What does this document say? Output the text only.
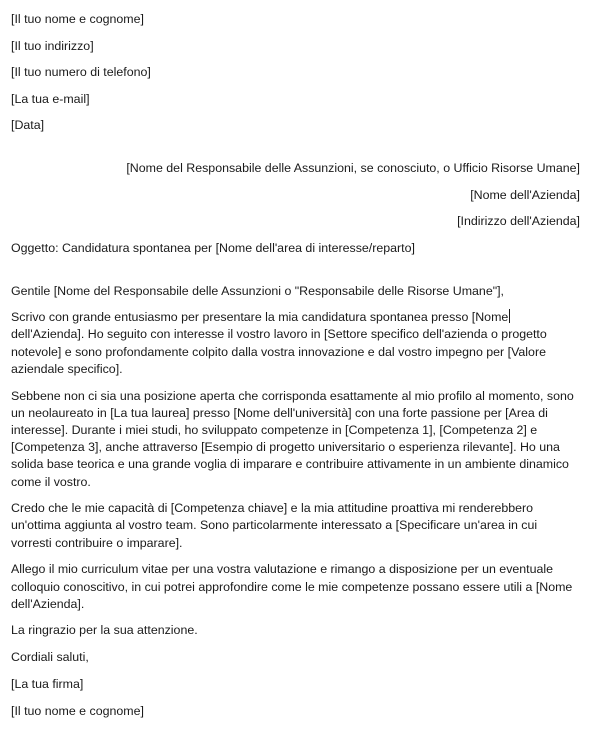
[Il tuo nome e cognome]

[Il tuo indirizzo]

[Il tuo numero di telefono]

[La tua e-mail]

[Data]

[Nome del Responsabile delle Assunzioni, se conosciuto, o Ufficio Risorse Umane]

[Nome dell'Azienda]

[Indirizzo dell'Azienda]

Oggetto: Candidatura spontanea per [Nome dell'area di interesse/reparto]

Gentile [Nome del Responsabile delle Assunzioni o "Responsabile delle Risorse Umane"],

Scrivo con grande entusiasmo per presentare la mia candidatura spontanea presso [Nome dell'Azienda]. Ho seguito con interesse il vostro lavoro in [Settore specifico dell'azienda o progetto notevole] e sono profondamente colpito dalla vostra innovazione e dal vostro impegno per [Valore aziendale specifico].

Sebbene non ci sia una posizione aperta che corrisponda esattamente al mio profilo al momento, sono un neolaureato in [La tua laurea] presso [Nome dell'università] con una forte passione per [Area di interesse]. Durante i miei studi, ho sviluppato competenze in [Competenza 1], [Competenza 2] e [Competenza 3], anche attraverso [Esempio di progetto universitario o esperienza rilevante]. Ho una solida base teorica e una grande voglia di imparare e contribuire attivamente in un ambiente dinamico come il vostro.

Credo che le mie capacità di [Competenza chiave] e la mia attitudine proattiva mi renderebbero un'ottima aggiunta al vostro team. Sono particolarmente interessato a [Specificare un'area in cui vorresti contribuire o imparare].

Allego il mio curriculum vitae per una vostra valutazione e rimango a disposizione per un eventuale colloquio conoscitivo, in cui potrei approfondire come le mie competenze possano essere utili a [Nome dell'Azienda].

La ringrazio per la sua attenzione.

Cordiali saluti,

[La tua firma]

[Il tuo nome e cognome]
